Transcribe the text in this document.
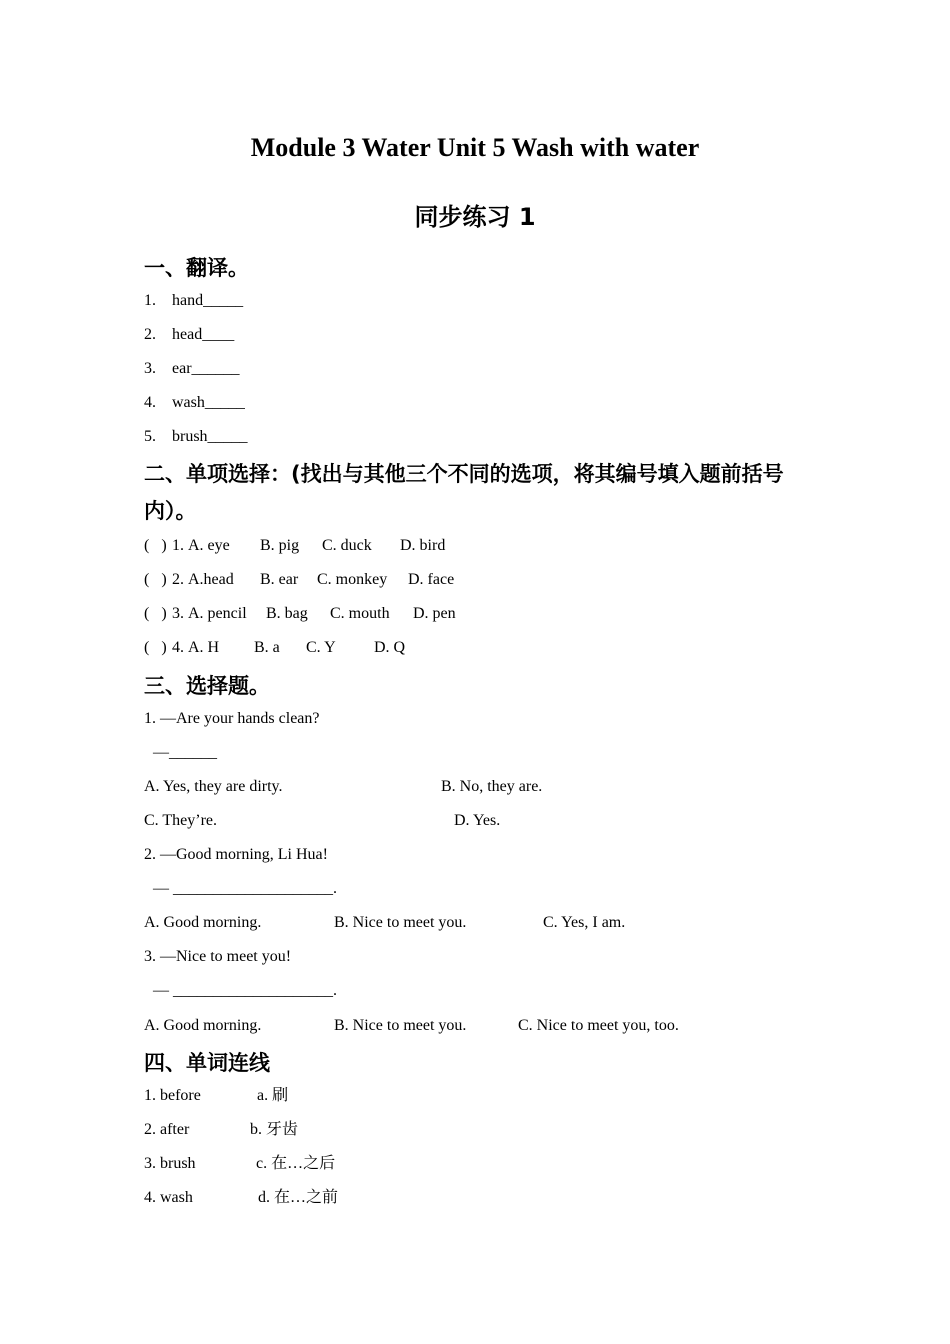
Module 3 Water Unit 5 Wash with water
同步练习 1
一、翻译。
1. hand_____
2. head____
3. ear______
4. wash_____
5. brush_____
二、单项选择：(找出与其他三个不同的选项，将其编号填入题前括号
内）。
(   ) 1. A. eye B. pig C. duck D. bird
(   ) 2. A.head B. ear C. monkey D. face
(   ) 3. A. pencil B. bag C. mouth D. pen
(   ) 4. A. H B. a C. Y D. Q
三、选择题。
1. —Are your hands clean?
—______
A. Yes, they are dirty.	B. No, they are.
C. They’re.	D. Yes.
2. —Good morning, Li Hua!
— ____________________.
A. Good morning.	B. Nice to meet you.	C. Yes, I am.
3. —Nice to meet you!
— ____________________.
A. Good morning.	B. Nice to meet you.	C. Nice to meet you, too.
四、单词连线
1. before	a. 刷
2. after	b. 牙齿
3. brush	c. 在…之后
4. wash	d. 在…之前
